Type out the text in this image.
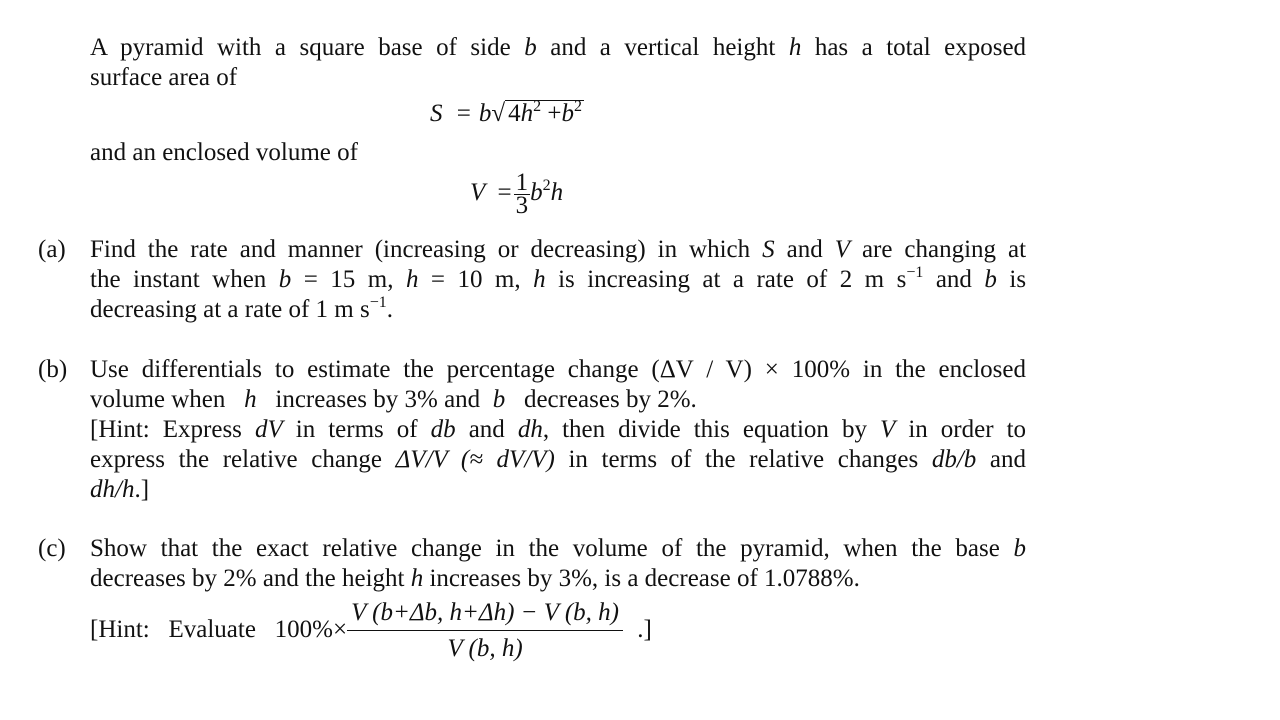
A pyramid with a square base of side b and a vertical height h has a total exposed
surface area of
S = b√ $4h^2 +b^2$
and an enclosed volume of
$V = \frac{1}{3} b^2h$
(a) Find the rate and manner (increasing or decreasing) in which S and V are changing at
the instant when b = 15 m, h = 10 m, h is increasing at a rate of 2 m $s^{-1}$ and b is
decreasing at a rate of 1 m $s^{-1}$.
(b) Use differentials to estimate the percentage change (ΔV / V) × 100% in the enclosed
volume when h increases by 3% and b decreases by 2%.
[Hint: Express dV in terms of db and dh, then divide this equation by V in order to
express the relative change ΔV/V (≈ dV/V) in terms of the relative changes db/b and
dh/h.]
(c) Show that the exact relative change in the volume of the pyramid, when the base b
decreases by 2% and the height h increases by 3%, is a decrease of 1.0788%.
[Hint: Evaluate $100\%\times \frac{V (b+\Delta b, h+\Delta h) - V (b, h)}{V (b, h)}$ .]
